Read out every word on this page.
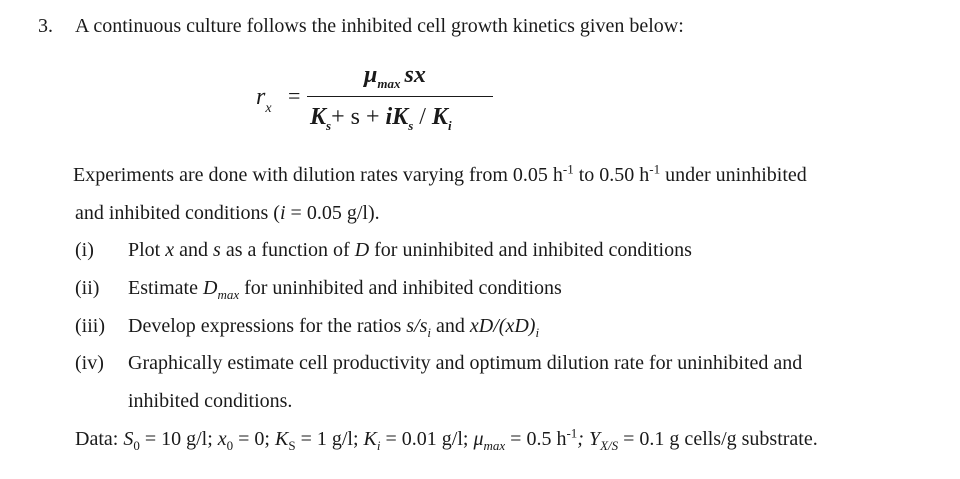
3. A continuous culture follows the inhibited cell growth kinetics given below:
$r_x$
=
$\mu_{max}$ sx
$K_s+ s + iK_s / K_i$
Experiments are done with dilution rates varying from 0.05 $h^{-1}$ to 0.50 $h^{-1}$ under uninhibited
and inhibited conditions (i = 0.05 g/l).
(i) Plot x and s as a function of D for uninhibited and inhibited conditions
(ii) Estimate $D_{max}$ for uninhibited and inhibited conditions
(iii) Develop expressions for the ratios $s/s_i$ and $xD/(xD)_i$
(iv) Graphically estimate cell productivity and optimum dilution rate for uninhibited and
inhibited conditions.
Data: $S_0 = 10$ g/l; $x_0 = 0$; $K_S = 1$ g/l; $K_i = 0.01$ g/l; $\mu_{max} = 0.5$ $h^{-1}$; $Y_{X/S} = 0.1$ g cells/g substrate.
